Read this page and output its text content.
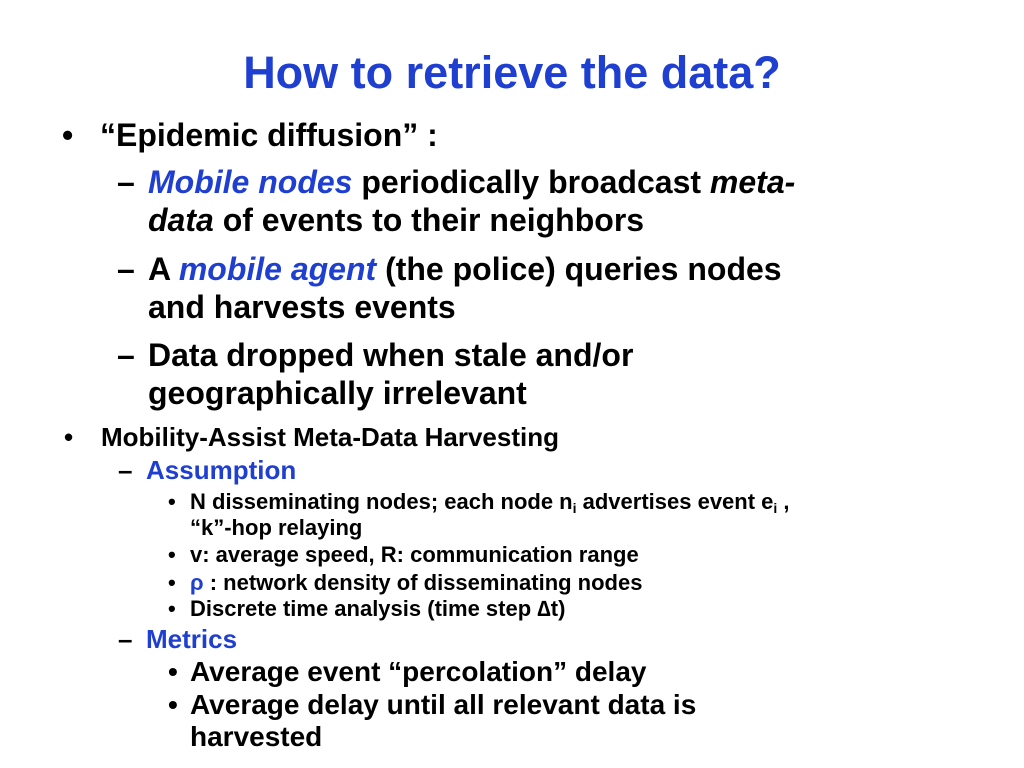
How to retrieve the data?
• “Epidemic diffusion” :
– Mobile nodes periodically broadcast meta-
data of events to their neighbors
– A mobile agent (the police) queries nodes
and harvests events
– Data dropped when stale and/or
geographically irrelevant
• Mobility-Assist Meta-Data Harvesting
– Assumption
• N disseminating nodes; each node $n_i$ advertises event $e_i$ ,
“k”-hop relaying
• v: average speed, R: communication range
• ρ : network density of disseminating nodes
• Discrete time analysis (time step ∆t)
– Metrics
• Average event “percolation” delay
• Average delay until all relevant data is
harvested
